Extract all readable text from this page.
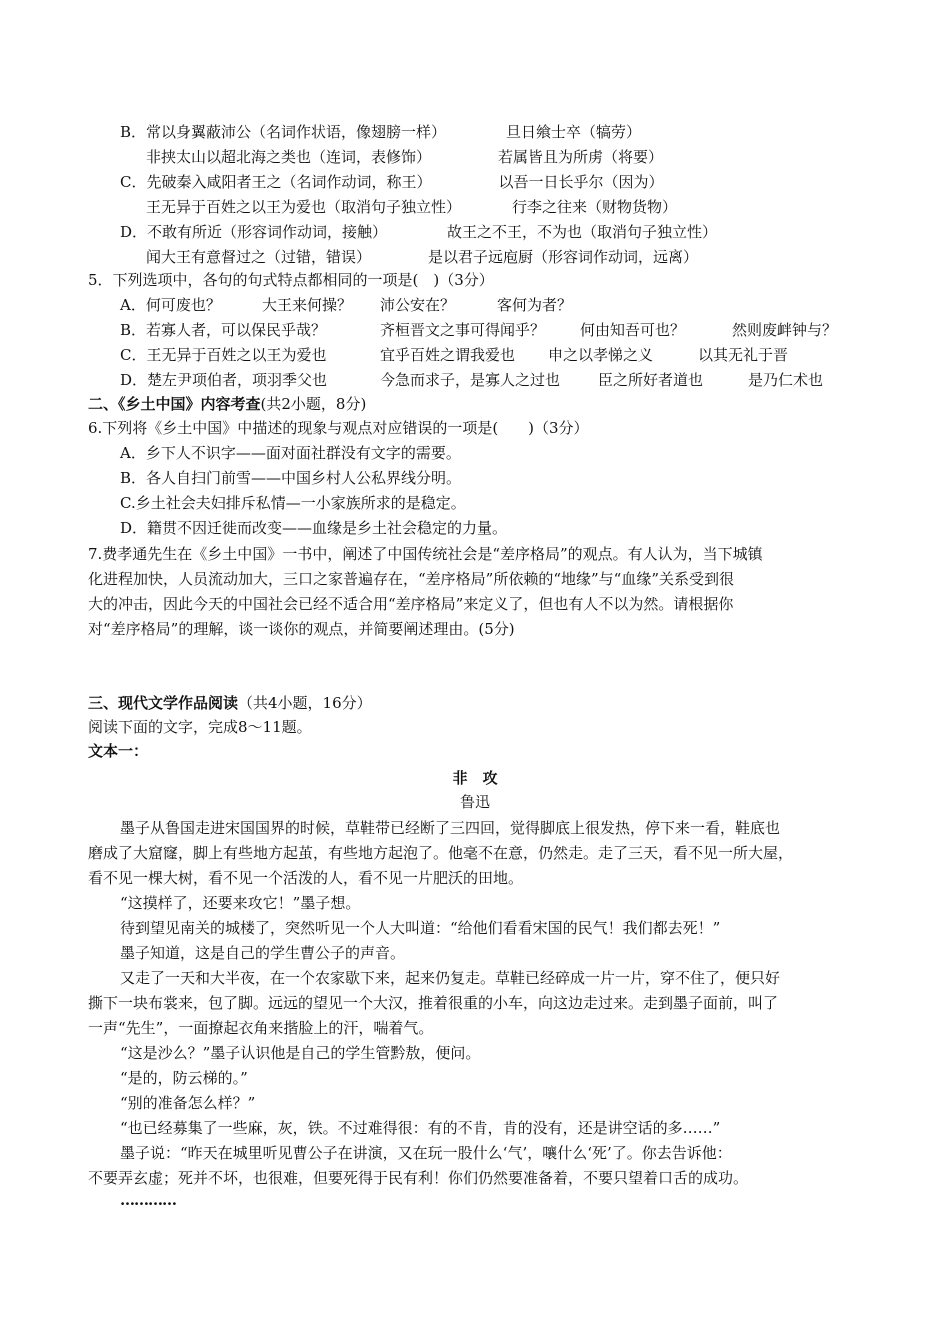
B．常以身翼蔽沛公（名词作状语，像翅膀一样）	旦日飨士卒（犒劳）
非挟太山以超北海之类也（连词，表修饰）	若属皆且为所虏（将要）
C．先破秦入咸阳者王之（名词作动词，称王）	以吾一日长乎尔（因为）
王无异于百姓之以王为爱也（取消句子独立性）	行李之往来（财物货物）
D．不敢有所近（形容词作动词，接触）	故王之不王，不为也（取消句子独立性）
闻大王有意督过之（过错，错误）	是以君子远庖厨（形容词作动词，远离）
5．下列选项中，各句的句式特点都相同的一项是(　)（3分）
A．何可废也？	大王来何操？ 沛公安在？	客何为者？
B．若寡人者，可以保民乎哉？	齐桓晋文之事可得闻乎？ 何由知吾可也？	然则废衅钟与？
C．王无异于百姓之以王为爱也	宜乎百姓之谓我爱也 申之以孝悌之义	以其无礼于晋
D．楚左尹项伯者，项羽季父也	今急而求子，是寡人之过也	臣之所好者道也	是乃仁术也
二、《乡土中国》内容考查(共2小题，8分)
6.下列将《乡土中国》中描述的现象与观点对应错误的一项是(　　)（3分）
A．乡下人不识字——面对面社群没有文字的需要。
B．各人自扫门前雪——中国乡村人公私界线分明。
C.乡土社会夫妇排斥私情—一小家族所求的是稳定。
D．籍贯不因迁徙而改变——血缘是乡土社会稳定的力量。
7.费孝通先生在《乡土中国》一书中，阐述了中国传统社会是“差序格局”的观点。有人认为，当下城镇
化进程加快，人员流动加大，三口之家普遍存在，“差序格局”所依赖的“地缘”与“血缘”关系受到很
大的冲击，因此今天的中国社会已经不适合用“差序格局”来定义了，但也有人不以为然。请根据你
对“差序格局”的理解，谈一谈你的观点，并简要阐述理由。(5分)
三、现代文学作品阅读（共4小题，16分）
阅读下面的文字，完成8～11题。
文本一：
非　攻
鲁迅
墨子从鲁国走进宋国国界的时候，草鞋带已经断了三四回，觉得脚底上很发热，停下来一看，鞋底也
磨成了大窟窿，脚上有些地方起茧，有些地方起泡了。他毫不在意，仍然走。走了三天，看不见一所大屋，
看不见一棵大树，看不见一个活泼的人，看不见一片肥沃的田地。
“这摸样了，还要来攻它！”墨子想。
待到望见南关的城楼了，突然听见一个人大叫道：“给他们看看宋国的民气！我们都去死！”
墨子知道，这是自己的学生曹公子的声音。
又走了一天和大半夜，在一个农家歇下来，起来仍复走。草鞋已经碎成一片一片，穿不住了，便只好
撕下一块布裳来，包了脚。远远的望见一个大汉，推着很重的小车，向这边走过来。走到墨子面前，叫了
一声“先生”，一面撩起衣角来揩脸上的汗，喘着气。
“这是沙么？”墨子认识他是自己的学生管黔敖，便问。
“是的，防云梯的。”
“别的准备怎么样？”
“也已经募集了一些麻，灰，铁。不过难得很：有的不肯，肯的没有，还是讲空话的多……”
墨子说：“昨天在城里听见曹公子在讲演，又在玩一股什么‘气’，嚷什么‘死’了。你去告诉他：
不要弄玄虚；死并不坏，也很难，但要死得于民有利！你们仍然要准备着，不要只望着口舌的成功。
…………
